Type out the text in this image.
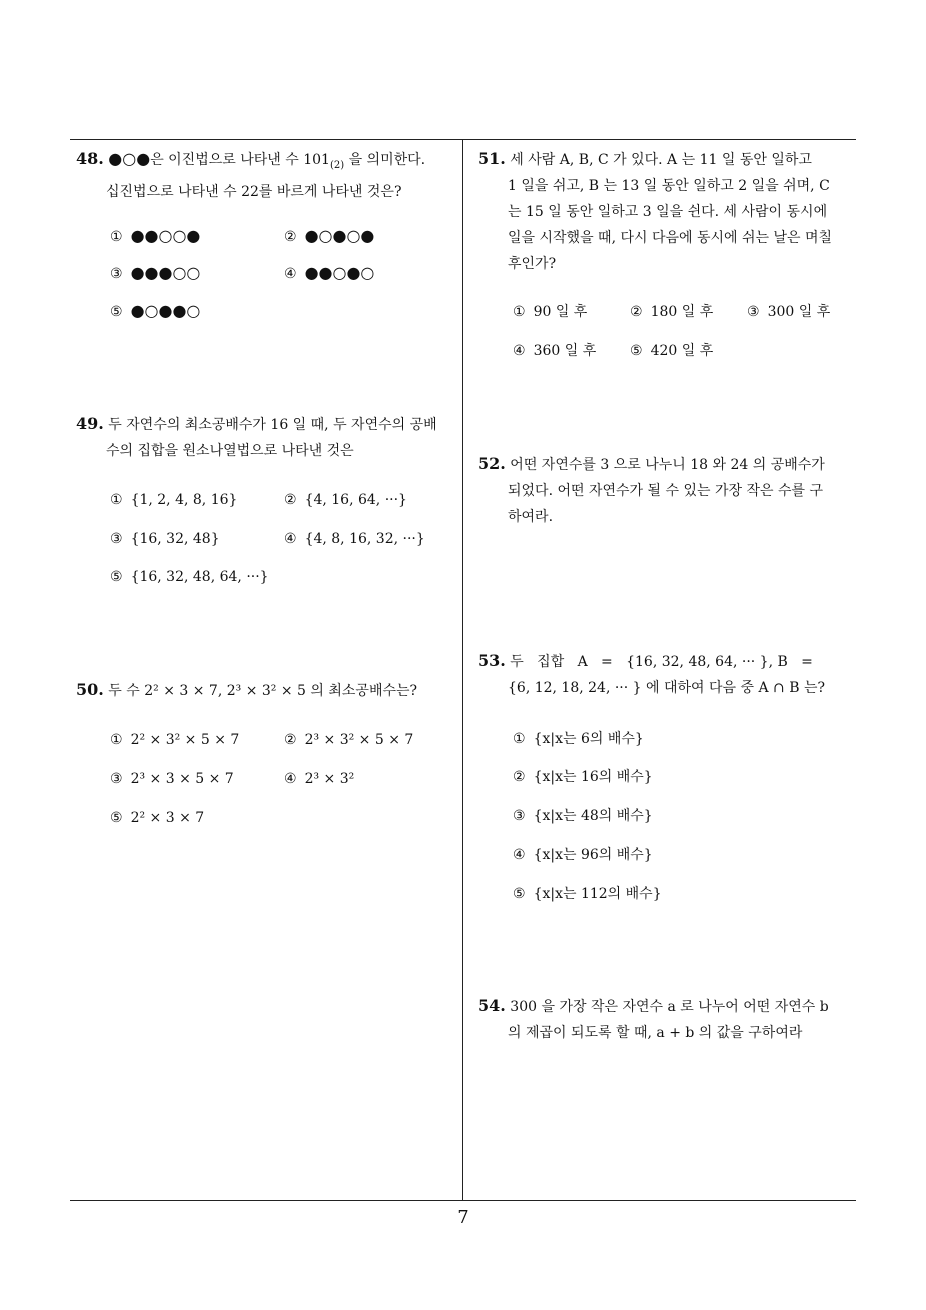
48. ●○●은 이진법으로 나타낸 수 $101_{(2)}$ 을 의미한다.
십진법으로 나타낸 수 22를 바르게 나타낸 것은?
① ●●○○●	② ●○●○●
③ ●●●○○	④ ●●○●○
⑤ ●○●●○
49. 두 자연수의 최소공배수가 16 일 때, 두 자연수의 공배
수의 집합을 원소나열법으로 나타낸 것은
① {1, 2, 4, 8, 16}	② {4, 16, 64, ···}
③ {16, 32, 48}	④ {4, 8, 16, 32, ···}
⑤ {16, 32, 48, 64, ···}
50. 두 수 2² × 3 × 7, 2³ × 3² × 5 의 최소공배수는?
① 2² × 3² × 5 × 7	② 2³ × 3² × 5 × 7
③ 2³ × 3 × 5 × 7	④ 2³ × 3²
⑤ 2² × 3 × 7
51. 세 사람 A, B, C 가 있다. A 는 11 일 동안 일하고
1 일을 쉬고, B 는 13 일 동안 일하고 2 일을 쉬며, C
는 15 일 동안 일하고 3 일을 쉰다. 세 사람이 동시에
일을 시작했을 때, 다시 다음에 동시에 쉬는 날은 며칠
후인가?
① 90 일 후	② 180 일 후 ③ 300 일 후
④ 360 일 후 ⑤ 420 일 후
52. 어떤 자연수를 3 으로 나누니 18 와 24 의 공배수가
되었다. 어떤 자연수가 될 수 있는 가장 작은 수를 구
하여라.
53. 두   집합   A   =   {16, 32, 48, 64, ··· }, B   =
{6, 12, 18, 24, ··· } 에 대하여 다음 중 A ∩ B 는?
① {x|x는 6의 배수}
② {x|x는 16의 배수}
③ {x|x는 48의 배수}
④ {x|x는 96의 배수}
⑤ {x|x는 112의 배수}
54. 300 을 가장 작은 자연수 a 로 나누어 어떤 자연수 b
의 제곱이 되도록 할 때, a + b 의 값을 구하여라
7
